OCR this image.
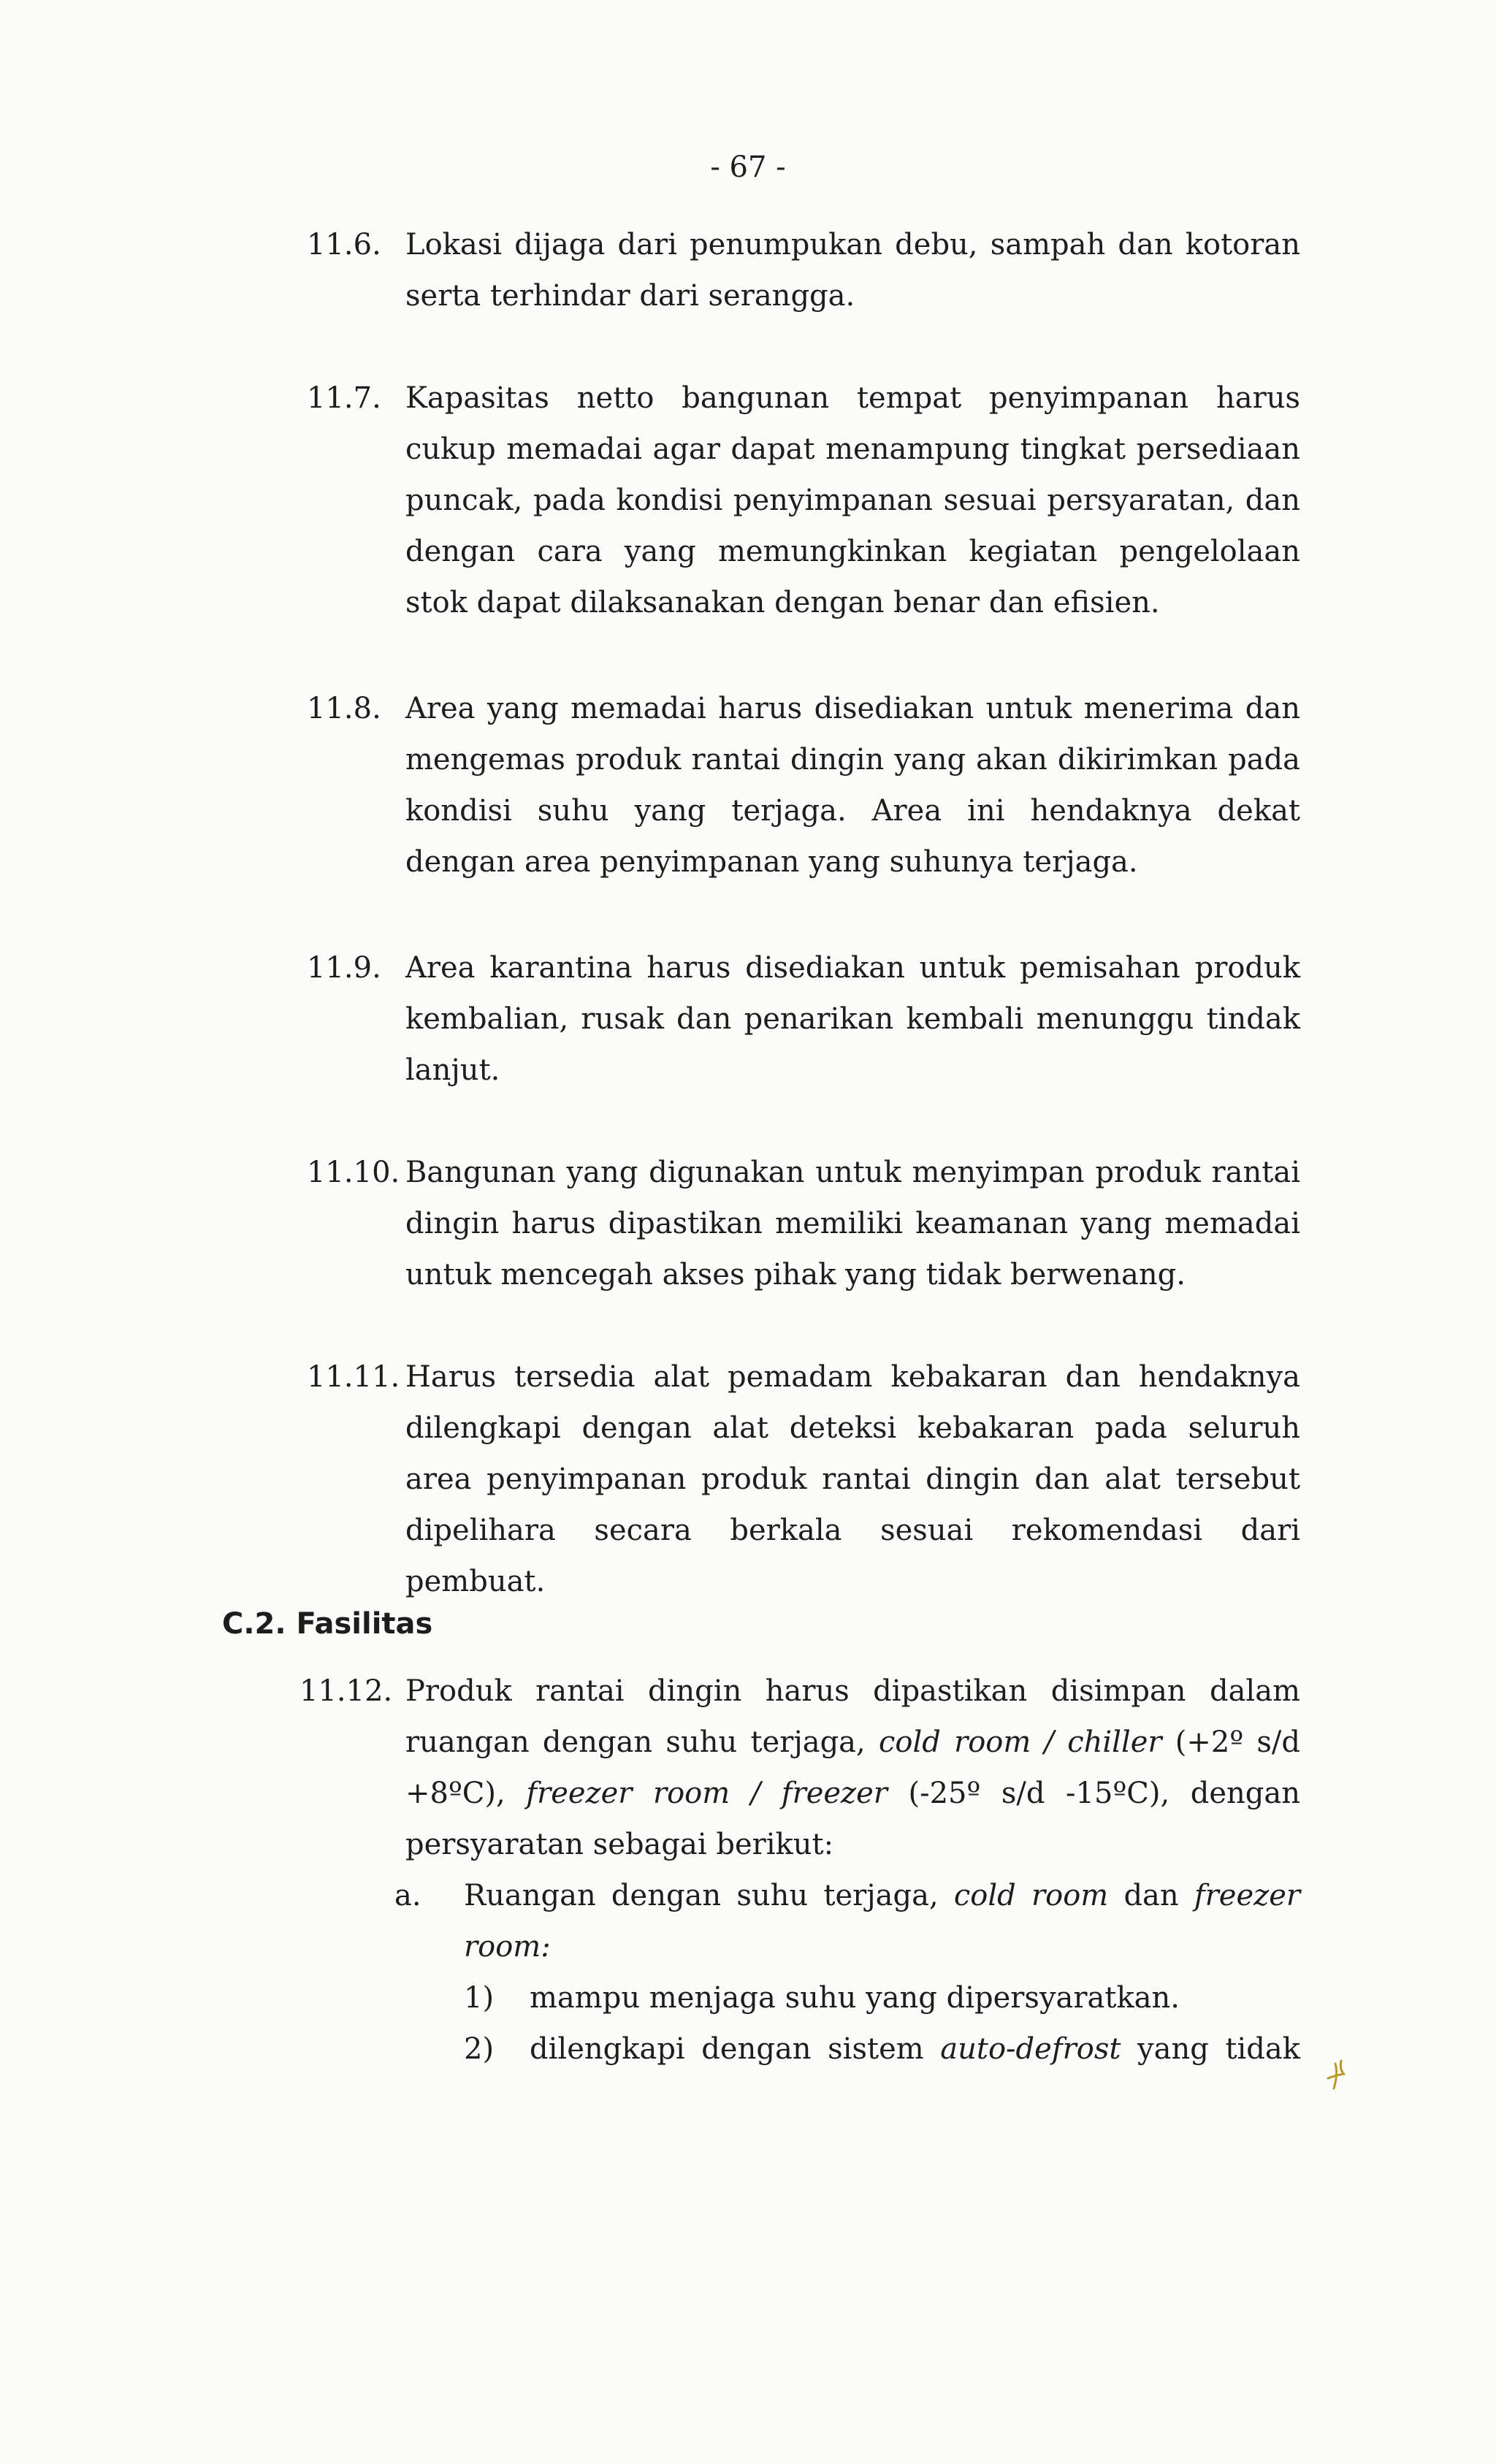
- 67 -
11.6. Lokasi dijaga dari penumpukan debu, sampah dan kotoran serta terhindar dari serangga.
11.7. Kapasitas netto bangunan tempat penyimpanan harus cukup memadai agar dapat menampung tingkat persediaan puncak, pada kondisi penyimpanan sesuai persyaratan, dan dengan cara yang memungkinkan kegiatan pengelolaan stok dapat dilaksanakan dengan benar dan efisien.
11.8. Area yang memadai harus disediakan untuk menerima dan mengemas produk rantai dingin yang akan dikirimkan pada kondisi suhu yang terjaga. Area ini hendaknya dekat dengan area penyimpanan yang suhunya terjaga.
11.9. Area karantina harus disediakan untuk pemisahan produk kembalian, rusak dan penarikan kembali menunggu tindak lanjut.
11.10. Bangunan yang digunakan untuk menyimpan produk rantai dingin harus dipastikan memiliki keamanan yang memadai untuk mencegah akses pihak yang tidak berwenang.
11.11. Harus tersedia alat pemadam kebakaran dan hendaknya dilengkapi dengan alat deteksi kebakaran pada seluruh area penyimpanan produk rantai dingin dan alat tersebut dipelihara secara berkala sesuai rekomendasi dari pembuat.
C.2. Fasilitas
11.12. Produk rantai dingin harus dipastikan disimpan dalam ruangan dengan suhu terjaga, cold room / chiller (+2º s/d +8ºC), freezer room / freezer (-25º s/d -15ºC), dengan persyaratan sebagai berikut:
a. Ruangan dengan suhu terjaga, cold room dan freezer room:
1) mampu menjaga suhu yang dipersyaratkan.
2) dilengkapi dengan sistem auto-defrost yang tidak
